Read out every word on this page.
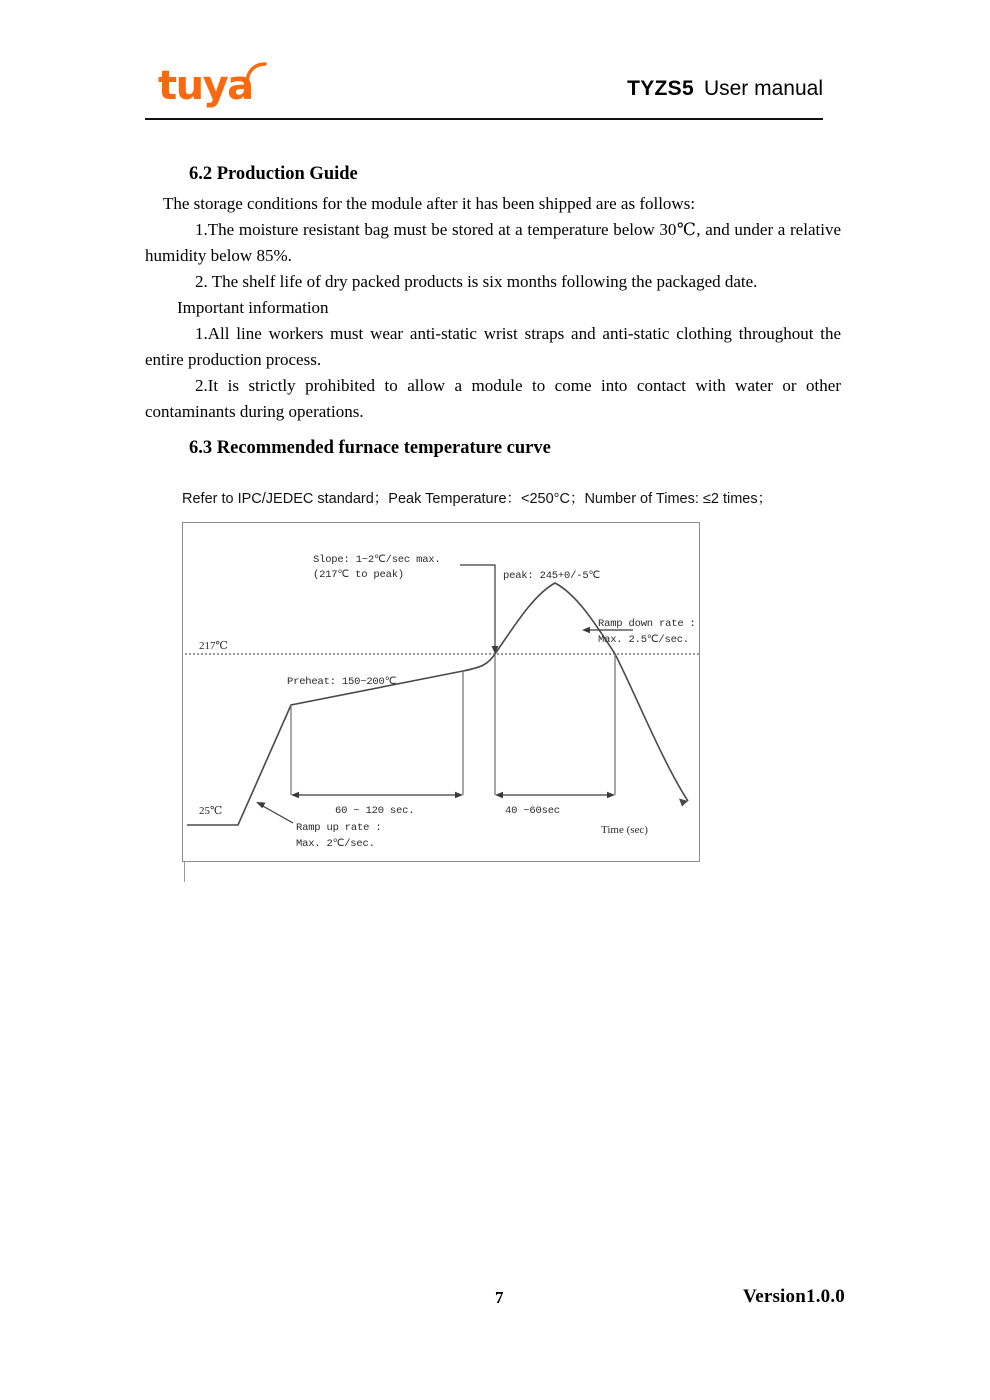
tuya	TYZS5 User manual
6.2 Production Guide

The storage conditions for the module after it has been shipped are as follows:

1.The moisture resistant bag must be stored at a temperature below 30℃, and under a relative humidity below 85%.

2. The shelf life of dry packed products is six months following the packaged date.

Important information

1.All line workers must wear anti-static wrist straps and anti-static clothing throughout the entire production process.

2.It is strictly prohibited to allow a module to come into contact with water or other contaminants during operations.

6.3 Recommended furnace temperature curve
Refer to IPC/JEDEC standard；Peak Temperature：<250°C；Number of Times: ≤2 times；
217℃
25℃
Slope: 1~2℃/sec max.
(217℃ to peak)	peak: 245+0/-5℃
Ramp down rate :
Max. 2.5℃/sec.
Preheat: 150~200℃
60 ~ 120 sec.	40 ~60sec
Ramp up rate :
Max. 2℃/sec.
Time (sec)
7	Version1.0.0
